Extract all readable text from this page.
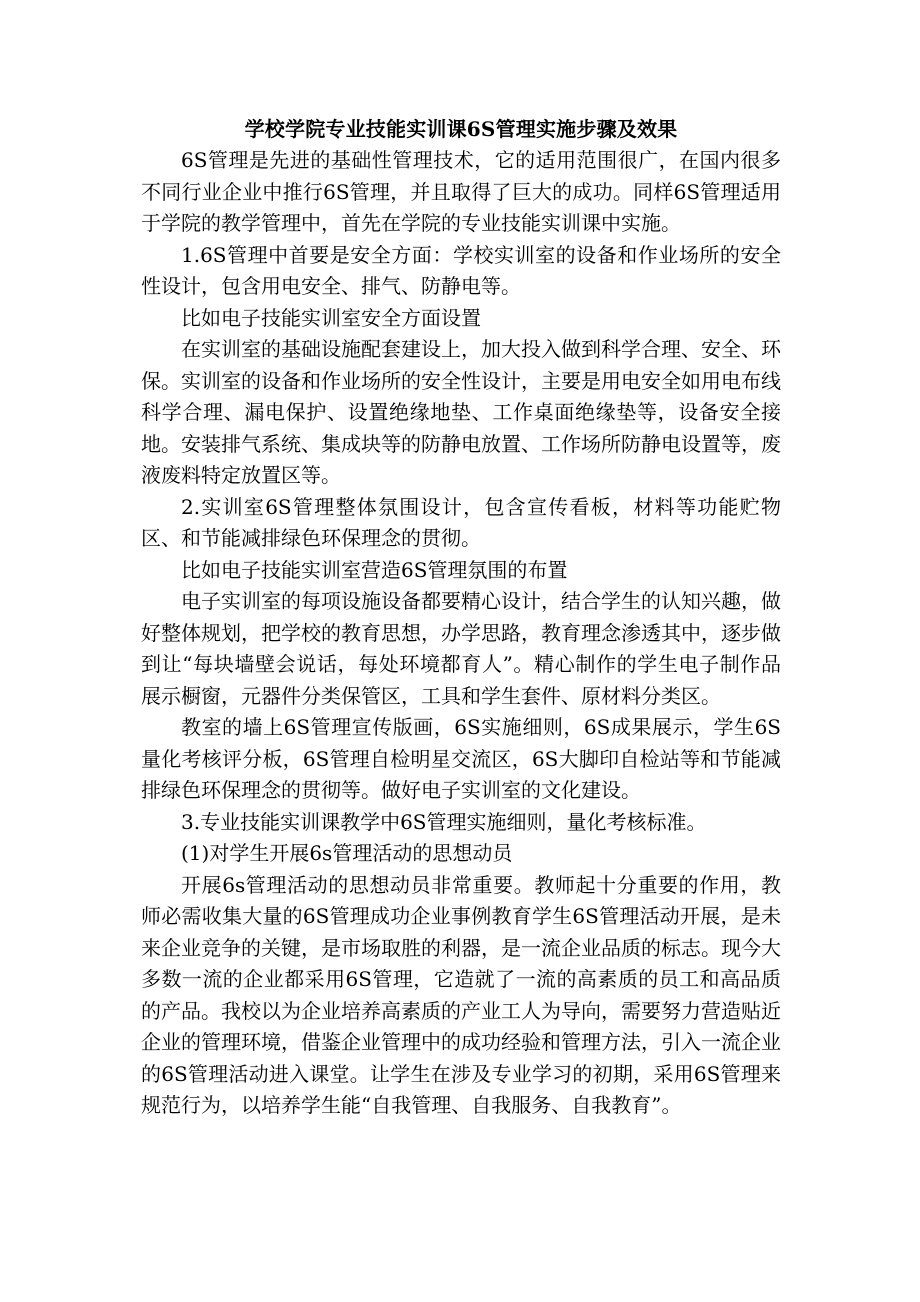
学校学院专业技能实训课6S管理实施步骤及效果

6S管理是先进的基础性管理技术，它的适用范围很广，在国内很多不同行业企业中推行6S管理，并且取得了巨大的成功。同样6S管理适用于学院的教学管理中，首先在学院的专业技能实训课中实施。

1.6S管理中首要是安全方面：学校实训室的设备和作业场所的安全性设计，包含用电安全、排气、防静电等。

比如电子技能实训室安全方面设置

在实训室的基础设施配套建设上，加大投入做到科学合理、安全、环保。实训室的设备和作业场所的安全性设计，主要是用电安全如用电布线科学合理、漏电保护、设置绝缘地垫、工作桌面绝缘垫等，设备安全接地。安装排气系统、集成块等的防静电放置、工作场所防静电设置等，废液废料特定放置区等。

2.实训室6S管理整体氛围设计，包含宣传看板，材料等功能贮物区、和节能减排绿色环保理念的贯彻。

比如电子技能实训室营造6S管理氛围的布置

电子实训室的每项设施设备都要精心设计，结合学生的认知兴趣，做好整体规划，把学校的教育思想，办学思路，教育理念渗透其中，逐步做到让“每块墙壁会说话，每处环境都育人”。精心制作的学生电子制作品展示橱窗，元器件分类保管区，工具和学生套件、原材料分类区。

教室的墙上6S管理宣传版画，6S实施细则，6S成果展示，学生6S量化考核评分板，6S管理自检明星交流区，6S大脚印自检站等和节能减排绿色环保理念的贯彻等。做好电子实训室的文化建设。

3.专业技能实训课教学中6S管理实施细则，量化考核标准。

(1)对学生开展6s管理活动的思想动员

开展6s管理活动的思想动员非常重要。教师起十分重要的作用，教师必需收集大量的6S管理成功企业事例教育学生6S管理活动开展，是未来企业竞争的关键，是市场取胜的利器，是一流企业品质的标志。现今大多数一流的企业都采用6S管理，它造就了一流的高素质的员工和高品质的产品。我校以为企业培养高素质的产业工人为导向，需要努力营造贴近企业的管理环境，借鉴企业管理中的成功经验和管理方法，引入一流企业的6S管理活动进入课堂。让学生在涉及专业学习的初期，采用6S管理来规范行为，以培养学生能“自我管理、自我服务、自我教育”。
